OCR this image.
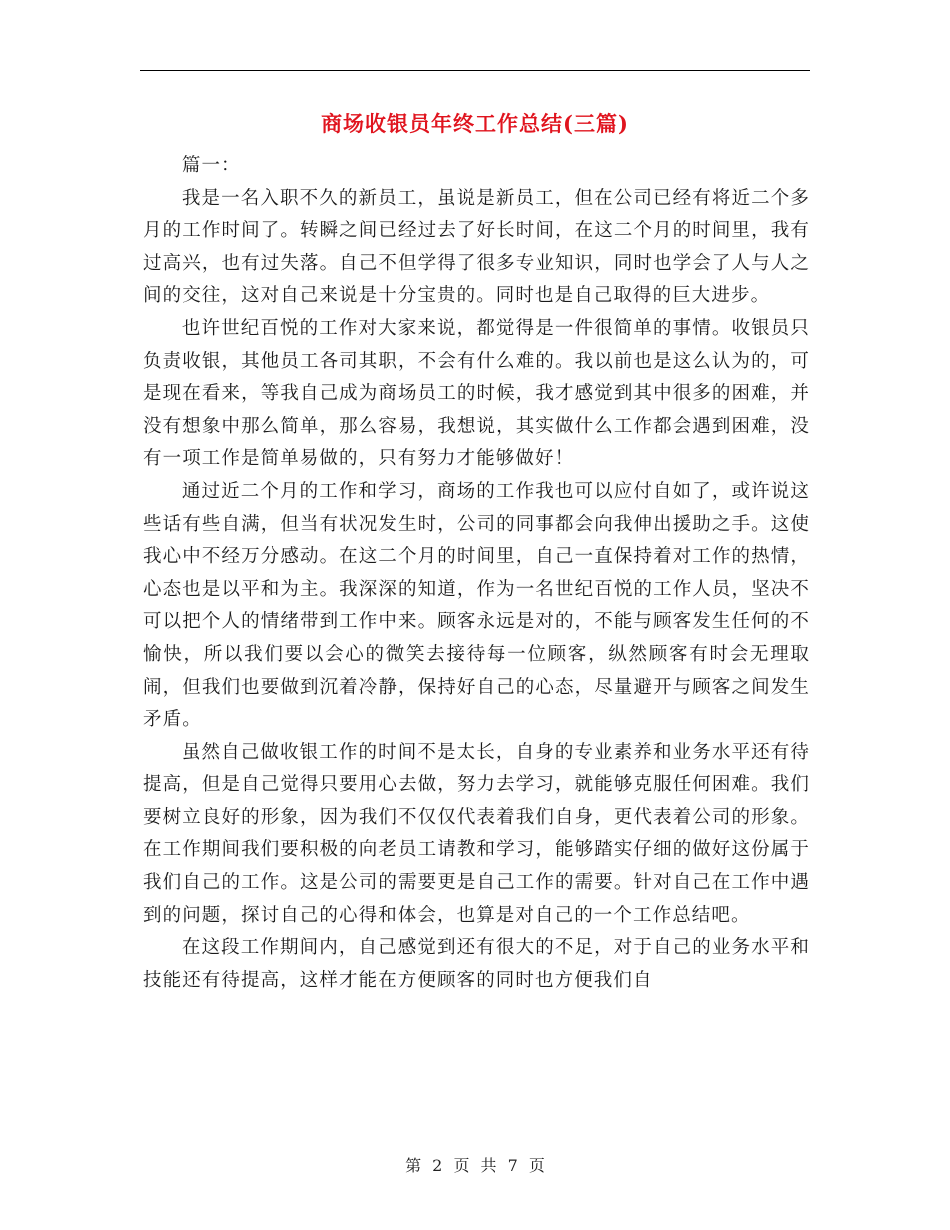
商场收银员年终工作总结(三篇)

篇一：

我是一名入职不久的新员工，虽说是新员工，但在公司已经有将近二个多月的工作时间了。转瞬之间已经过去了好长时间，在这二个月的时间里，我有过高兴，也有过失落。自己不但学得了很多专业知识，同时也学会了人与人之间的交往，这对自己来说是十分宝贵的。同时也是自己取得的巨大进步。

也许世纪百悦的工作对大家来说，都觉得是一件很简单的事情。收银员只负责收银，其他员工各司其职，不会有什么难的。我以前也是这么认为的，可是现在看来，等我自己成为商场员工的时候，我才感觉到其中很多的困难，并没有想象中那么简单，那么容易，我想说，其实做什么工作都会遇到困难，没有一项工作是简单易做的，只有努力才能够做好！

通过近二个月的工作和学习，商场的工作我也可以应付自如了，或许说这些话有些自满，但当有状况发生时，公司的同事都会向我伸出援助之手。这使我心中不经万分感动。在这二个月的时间里，自己一直保持着对工作的热情，心态也是以平和为主。我深深的知道，作为一名世纪百悦的工作人员，坚决不可以把个人的情绪带到工作中来。顾客永远是对的，不能与顾客发生任何的不愉快，所以我们要以会心的微笑去接待每一位顾客，纵然顾客有时会无理取闹，但我们也要做到沉着冷静，保持好自己的心态，尽量避开与顾客之间发生矛盾。

虽然自己做收银工作的时间不是太长，自身的专业素养和业务水平还有待提高，但是自己觉得只要用心去做，努力去学习，就能够克服任何困难。我们要树立良好的形象，因为我们不仅仅代表着我们自身，更代表着公司的形象。在工作期间我们要积极的向老员工请教和学习，能够踏实仔细的做好这份属于我们自己的工作。这是公司的需要更是自己工作的需要。针对自己在工作中遇到的问题，探讨自己的心得和体会，也算是对自己的一个工作总结吧。

在这段工作期间内，自己感觉到还有很大的不足，对于自己的业务水平和技能还有待提高，这样才能在方便顾客的同时也方便我们自

第 2 页 共 7 页
